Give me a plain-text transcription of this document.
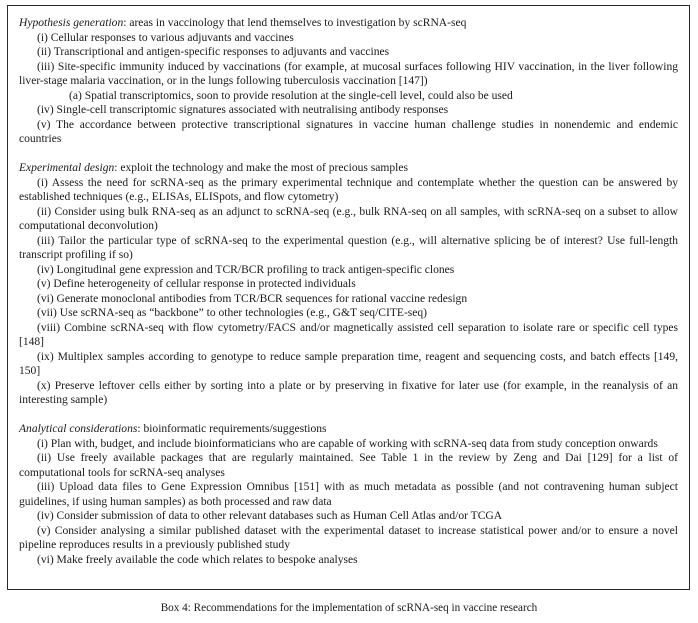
Hypothesis generation: areas in vaccinology that lend themselves to investigation by scRNA-seq

(i) Cellular responses to various adjuvants and vaccines

(ii) Transcriptional and antigen-specific responses to adjuvants and vaccines

(iii) Site-specific immunity induced by vaccinations (for example, at mucosal surfaces following HIV vaccination, in the liver following liver-stage malaria vaccination, or in the lungs following tuberculosis vaccination [147])

(a) Spatial transcriptomics, soon to provide resolution at the single-cell level, could also be used

(iv) Single-cell transcriptomic signatures associated with neutralising antibody responses

(v) The accordance between protective transcriptional signatures in vaccine human challenge studies in nonendemic and endemic countries

Experimental design: exploit the technology and make the most of precious samples

(i) Assess the need for scRNA-seq as the primary experimental technique and contemplate whether the question can be answered by established techniques (e.g., ELISAs, ELISpots, and flow cytometry)

(ii) Consider using bulk RNA-seq as an adjunct to scRNA-seq (e.g., bulk RNA-seq on all samples, with scRNA-seq on a subset to allow computational deconvolution)

(iii) Tailor the particular type of scRNA-seq to the experimental question (e.g., will alternative splicing be of interest? Use full-length transcript profiling if so)

(iv) Longitudinal gene expression and TCR/BCR profiling to track antigen-specific clones

(v) Define heterogeneity of cellular response in protected individuals

(vi) Generate monoclonal antibodies from TCR/BCR sequences for rational vaccine redesign

(vii) Use scRNA-seq as “backbone” to other technologies (e.g., G&T seq/CITE-seq)

(viii) Combine scRNA-seq with flow cytometry/FACS and/or magnetically assisted cell separation to isolate rare or specific cell types [148]

(ix) Multiplex samples according to genotype to reduce sample preparation time, reagent and sequencing costs, and batch effects [149, 150]

(x) Preserve leftover cells either by sorting into a plate or by preserving in fixative for later use (for example, in the reanalysis of an interesting sample)

Analytical considerations: bioinformatic requirements/suggestions

(i) Plan with, budget, and include bioinformaticians who are capable of working with scRNA-seq data from study conception onwards

(ii) Use freely available packages that are regularly maintained. See Table 1 in the review by Zeng and Dai [129] for a list of computational tools for scRNA-seq analyses

(iii) Upload data files to Gene Expression Omnibus [151] with as much metadata as possible (and not contravening human subject guidelines, if using human samples) as both processed and raw data

(iv) Consider submission of data to other relevant databases such as Human Cell Atlas and/or TCGA

(v) Consider analysing a similar published dataset with the experimental dataset to increase statistical power and/or to ensure a novel pipeline reproduces results in a previously published study

(vi) Make freely available the code which relates to bespoke analyses

Box 4: Recommendations for the implementation of scRNA-seq in vaccine research
